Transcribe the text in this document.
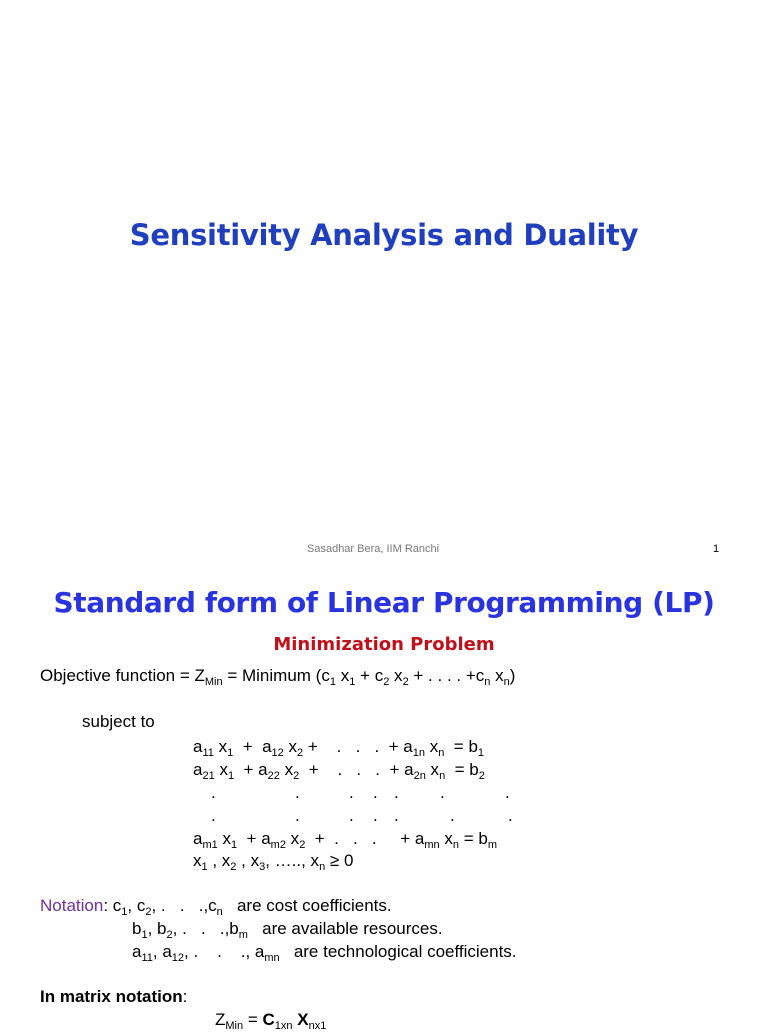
Sensitivity Analysis and Duality
Sasadhar Bera, IIM Ranchi	1
Standard form of Linear Programming (LP)
Minimization Problem
Objective function = $Z_{Min}$ = Minimum ($c_1$ $x_1 + c_2$ $x_2$ + . . . . $+c_n$ $x_n$)
subject to
$a_{11}$ $x_1 + a_{12}$ $x_2$ +    .   .   .  + $a_{1n}$ $x_n = b_1$
$a_{21}$ $x_1 + a_{22}$ $x_2$  +    .   .   .  + $a_{2n}$ $x_n = b_2$
.	.	. . . .	.
.	.	. . .	.	.
$a_{m1}$ $x_1 + a_{m2}$ $x_2$  +  .   .   .     + $a_{mn}$ $x_n = b_m$
$x_1$ , $x_2$ , $x_3$, ….., $x_n \ge 0$
Notation: $c_1$, $c_2$, .   .   $.,c_n$ are cost coefficients.
$b_1$, $b_2$, .   .   $.,b_m$ are available resources.
$a_{11}$, $a_{12}$, .    .    ., $a_{mn}$ are technological coefficients.
In matrix notation:
$Z_{Min} = C_{1xn}$ $X_{nx1}$
